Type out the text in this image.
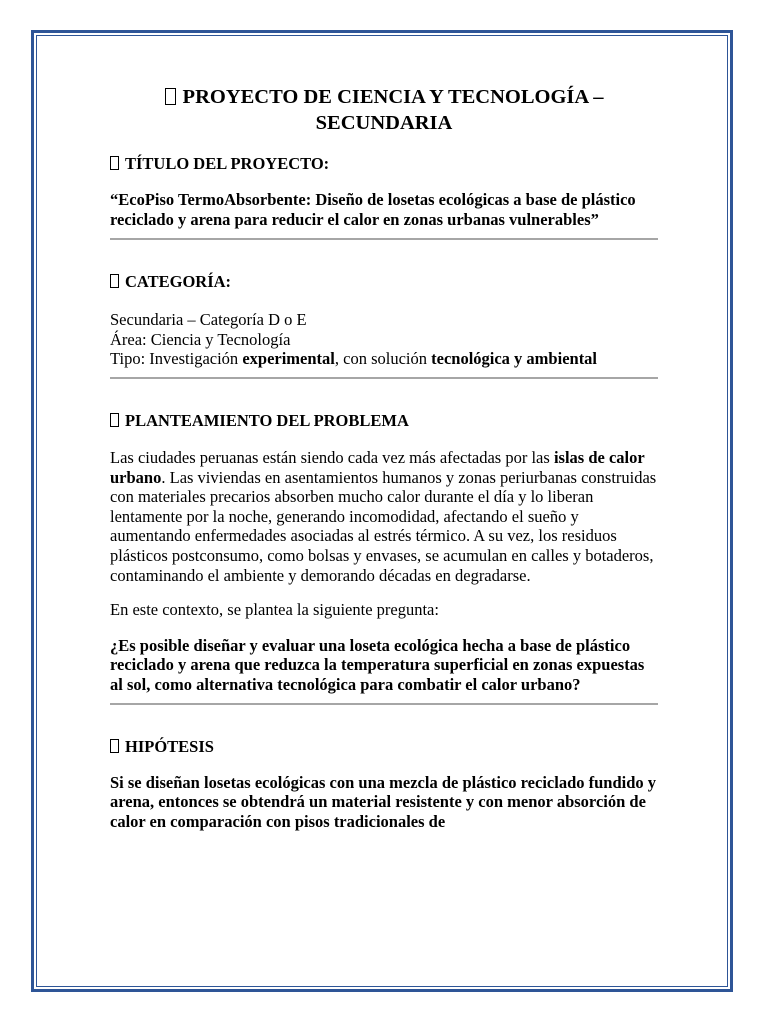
PROYECTO DE CIENCIA Y TECNOLOGÍA – SECUNDARIA

TÍTULO DEL PROYECTO:

“EcoPiso TermoAbsorbente: Diseño de losetas ecológicas a base de plástico reciclado y arena para reducir el calor en zonas urbanas vulnerables”

CATEGORÍA:

Secundaria – Categoría D o E

Área: Ciencia y Tecnología

Tipo: Investigación experimental, con solución tecnológica y ambiental

PLANTEAMIENTO DEL PROBLEMA

Las ciudades peruanas están siendo cada vez más afectadas por las islas de calor urbano. Las viviendas en asentamientos humanos y zonas periurbanas construidas con materiales precarios absorben mucho calor durante el día y lo liberan lentamente por la noche, generando incomodidad, afectando el sueño y aumentando enfermedades asociadas al estrés térmico. A su vez, los residuos plásticos postconsumo, como bolsas y envases, se acumulan en calles y botaderos, contaminando el ambiente y demorando décadas en degradarse.

En este contexto, se plantea la siguiente pregunta:

¿Es posible diseñar y evaluar una loseta ecológica hecha a base de plástico reciclado y arena que reduzca la temperatura superficial en zonas expuestas al sol, como alternativa tecnológica para combatir el calor urbano?

HIPÓTESIS

Si se diseñan losetas ecológicas con una mezcla de plástico reciclado fundido y arena, entonces se obtendrá un material resistente y con menor absorción de calor en comparación con pisos tradicionales de
